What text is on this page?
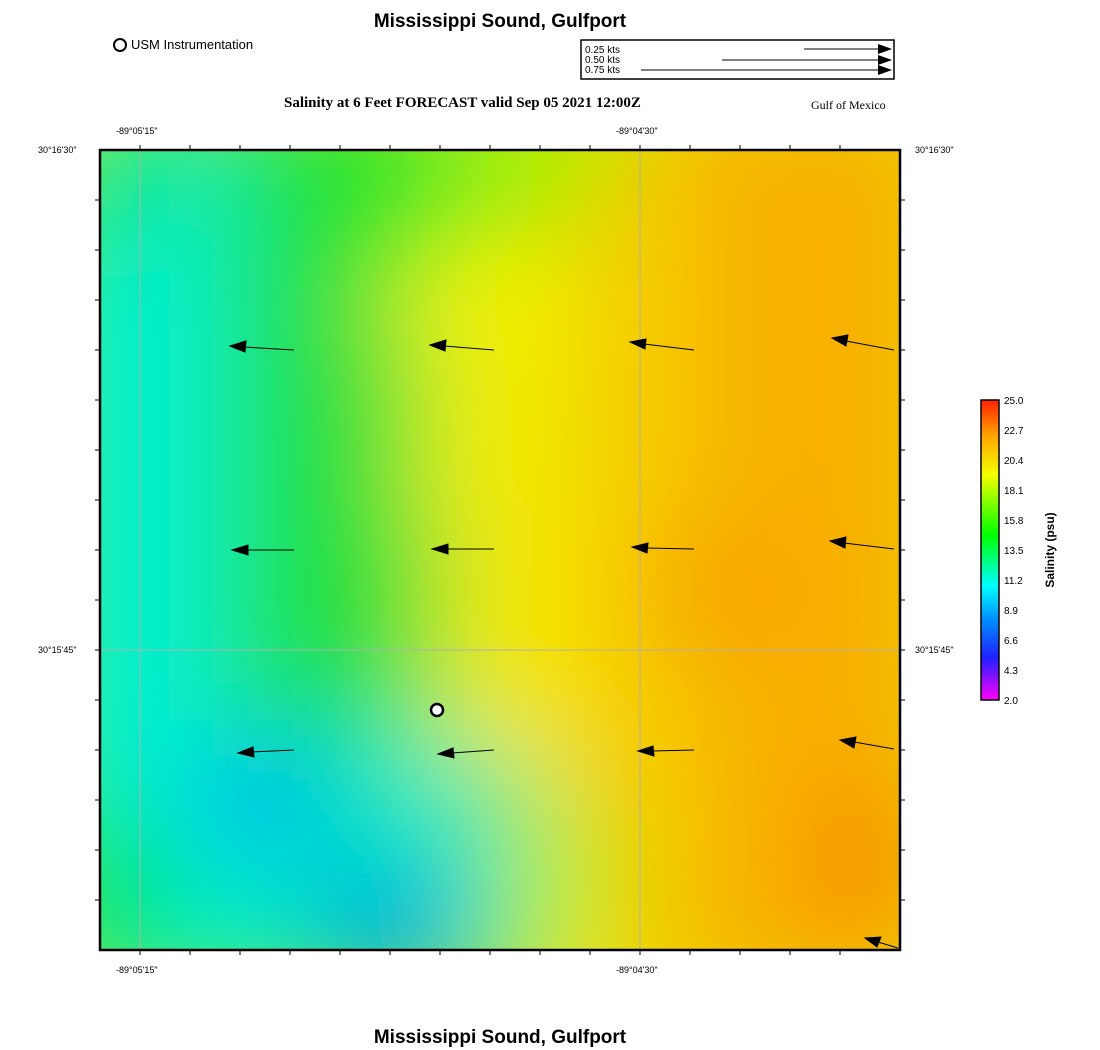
Mississippi Sound, Gulfport
USM Instrumentation	0.25 kts
0.50 kts
0.75 kts
Salinity at 6 Feet FORECAST valid Sep 05 2021 12:00Z	Gulf of Mexico
-89°05'15"	-89°04'30"
-89°05'15"	-89°04'30"
30°16'30"
30°15'45"
30°16'30"
30°15'45"
25.0
22.7
20.4
18.1
15.8
13.5
11.2
8.9
6.6
4.3
2.0
Salinity (psu)
Mississippi Sound, Gulfport
